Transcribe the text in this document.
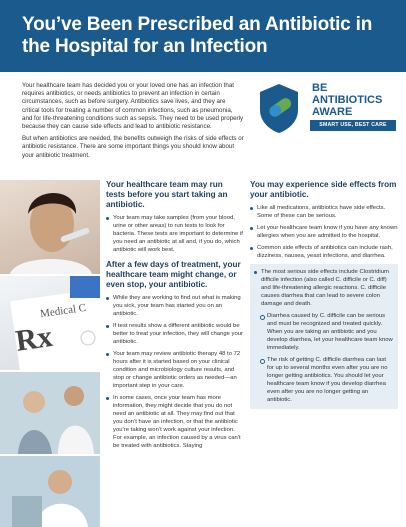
You’ve Been Prescribed an Antibiotic in the Hospital for an Infection

Your healthcare team has decided you or your loved one has an infection that requires antibiotics, or needs antibiotics to prevent an infection in certain circumstances, such as before surgery. Antibiotics save lives, and they are critical tools for treating a number of common infections, such as pneumonia, and for life-threatening conditions such as sepsis. They need to be used properly because they can cause side effects and lead to antibiotic resistance.

But when antibiotics are needed, the benefits outweigh the risks of side effects or antibiotic resistance. There are some important things you should know about your antibiotic treatment.

BE
ANTIBIOTICS
AWARE
SMART USE, BEST CARE
Medical C
Rx
Your healthcare team may run tests before you start taking an antibiotic.
Your team may take samples (from your blood, urine or other areas) to run tests to look for bacteria. These tests are important to determine if you need an antibiotic at all and, if you do, which antibiotic will work best.
After a few days of treatment, your healthcare team might change, or even stop, your antibiotic.
While they are working to find out what is making you sick, your team has started you on an antibiotic.
If test results show a different antibiotic would be better to treat your infection, they will change your antibiotic.
Your team may review antibiotic therapy 48 to 72 hours after it is started based on your clinical condition and microbiology culture results, and stop or change antibiotic orders as needed—an important step in your care.
In some cases, once your team has more information, they might decide that you do not need an antibiotic at all. They may find out that you don’t have an infection, or that the antibiotic you’re taking won’t work against your infection. For example, an infection caused by a virus can’t be treated with antibiotics. Staying
You may experience side effects from your antibiotic.
Like all medications, antibiotics have side effects. Some of these can be serious.
Let your healthcare team know if you have any known allergies when you are admitted to the hospital.
Common side effects of antibiotics can include rash, dizziness, nausea, yeast infections, and diarrhea.
The most serious side effects include Clostridium difficile infection (also called C. difficile or C. diff) and life-threatening allergic reactions. C. difficile causes diarrhea that can lead to severe colon damage and death.
Diarrhea caused by C. difficile can be serious and must be recognized and treated quickly. When you are taking an antibiotic and you develop diarrhea, let your healthcare team know immediately.
The risk of getting C. difficile diarrhea can last for up to several months even after you are no longer getting antibiotics. You should let your healthcare team know if you develop diarrhea even after you are no longer getting an antibiotic.
